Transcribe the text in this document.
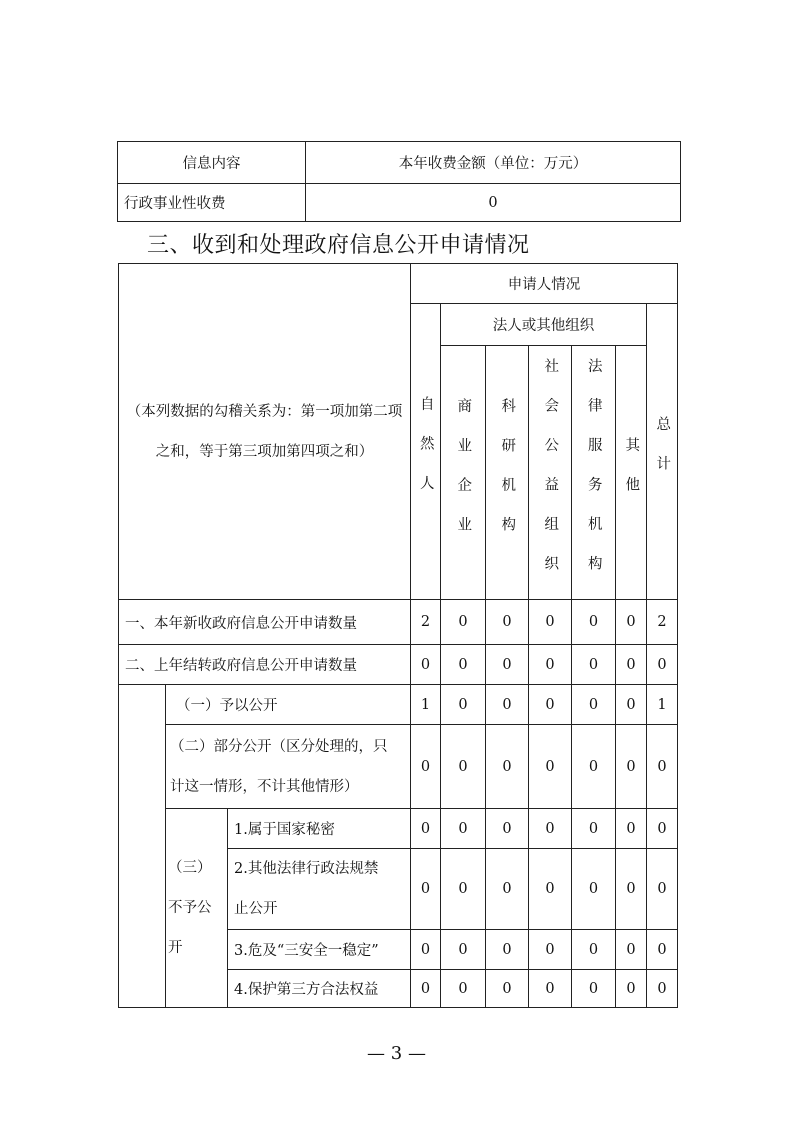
信息内容	本年收费金额（单位：万元）
行政事业性收费	0
三、收到和处理政府信息公开申请情况
（本列数据的勾稽关系为：第一项加第二项之和，等于第三项加第四项之和）			申请人情况						
			自然人	法人或其他组织					总计
				商业企业	科研机构	社会公益组织	法律服务机构	其他	
一、本年新收政府信息公开申请数量			2	0	0	0	0	0	2
二、上年结转政府信息公开申请数量			0	0	0	0	0	0	0
	（一）予以公开		1	0	0	0	0	0	1
	（二）部分公开（区分处理的，只计这一情形，不计其他情形）		0	0	0	0	0	0	0
	（三）不予公开	1.属于国家秘密	0	0	0	0	0	0	0
		2.其他法律行政法规禁止公开	0	0	0	0	0	0	0
		3.危及“三安全一稳定”	0	0	0	0	0	0	0
		4.保护第三方合法权益	0	0	0	0	0	0	0
— 3 —
